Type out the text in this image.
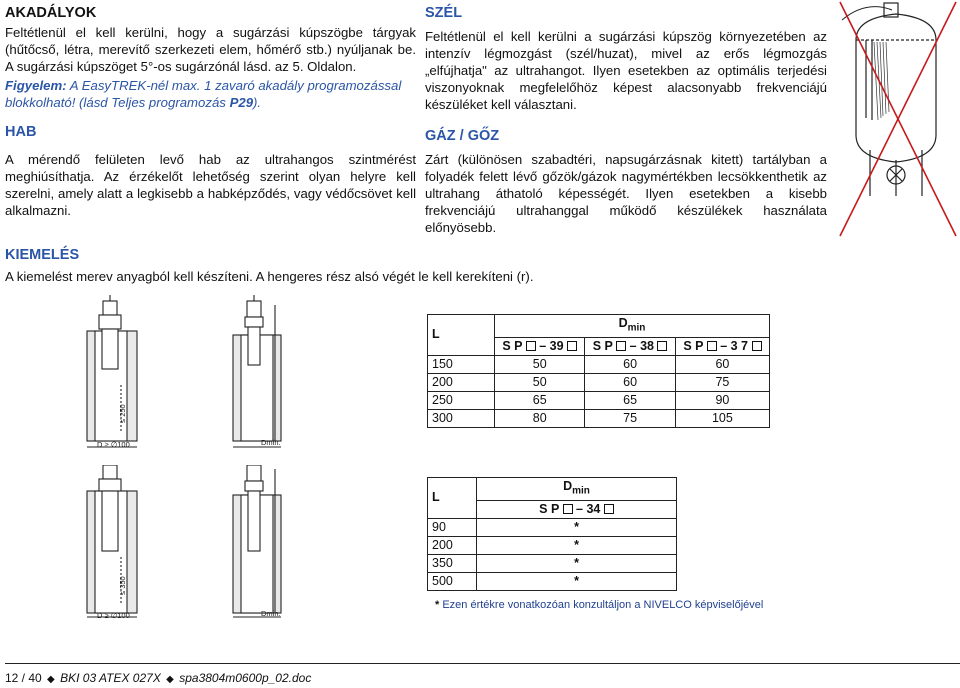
AKADÁLYOK

Feltétlenül el kell kerülni, hogy a sugárzási kúpszögbe tárgyak (hűtőcső, létra, merevítő szerkezeti elem, hőmérő stb.) nyúljanak be. A sugárzási kúpszöget 5°-os sugárzónál lásd. az 5. Oldalon.

Figyelem: A EasyTREK-nél max. 1 zavaró akadály programozással blokkolható! (lásd Teljes programozás P29).

HAB

A mérendő felületen levő hab az ultrahangos szintmérést meghiúsíthatja. Az érzékelőt lehetőség szerint olyan helyre kell szerelni, amely alatt a legkisebb a habképződés, vagy védőcsövet kell alkalmazni.

SZÉL

Feltétlenül el kell kerülni a sugárzási kúpszög környezetében az intenzív légmozgást (szél/huzat), mivel az erős légmozgás „elfújhatja" az ultrahangot. Ilyen esetekben az optimális terjedési viszonyoknak megfelelőhöz képest alacsonyabb frekvenciájú készüléket kell választani.

GÁZ / GŐZ

Zárt (különösen szabadtéri, napsugárzásnak kitett) tartályban a folyadék felett lévő gőzök/gázok nagymértékben lecsökkenthetik az ultrahang áthatoló képességét. Ilyen esetekben a kisebb frekvenciájú ultrahanggal működő készülékek használata előnyösebb.

KIEMELÉS

A kiemelést merev anyagból kell készíteni. A hengeres rész alsó végét le kell kerekíteni (r).

D ≥ ∅100
≤ 250
Dmin.
D ≥ ∅100
≤ 350
Dmin.
L	$D_{min}$
	S P – 39	S P – 38	S P – 3 7
150	50	60	60
200	50	60	75
250	65	65	90
300	80	75	105
L	$D_{min}$
	S P – 34
90	*
200	*
350	*
500	*
* Ezen értékre vonatkozóan konzultáljon a NIVELCO képviselőjével
12 / 40 ◆ BKI 03 ATEX 027X ◆ spa3804m0600p_02.doc
